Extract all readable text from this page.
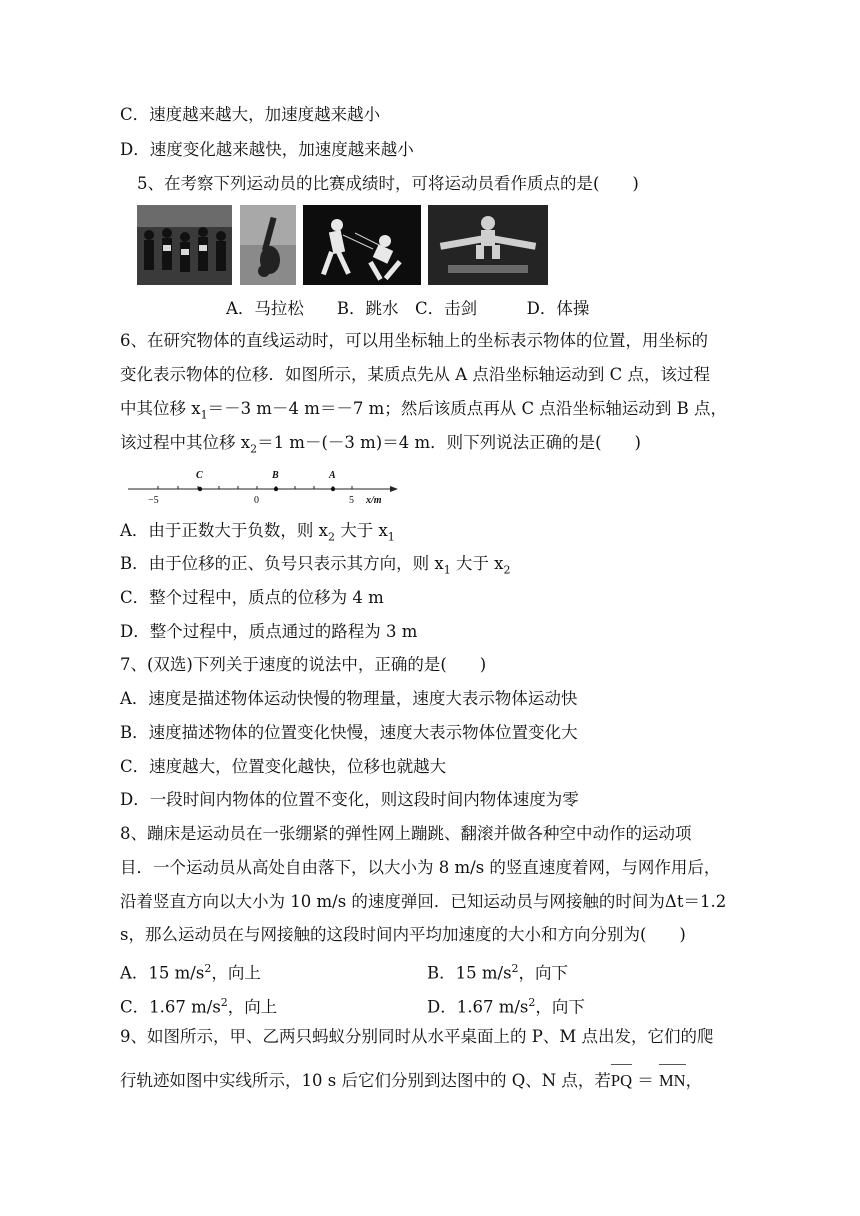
C．速度越来越大，加速度越来越小
D．速度变化越来越快，加速度越来越小
5、在考察下列运动员的比赛成绩时，可将运动员看作质点的是(　　)
A．马拉松　　B．跳水　C．击剑　　　D．体操
6、在研究物体的直线运动时，可以用坐标轴上的坐标表示物体的位置，用坐标的
变化表示物体的位移．如图所示，某质点先从 A 点沿坐标轴运动到 C 点，该过程
中其位移 $x_1=-3$ m－4 m＝－7 m；然后该质点再从 C 点沿坐标轴运动到 B 点，
该过程中其位移 $x_2=1$ m－(－3 m)＝4 m．则下列说法正确的是(　　)
C	B	A
−5	0	5 x/m
A．由于正数大于负数，则 $x_2$ 大于 $x_1$
B．由于位移的正、负号只表示其方向，则 $x_1$ 大于 $x_2$
C．整个过程中，质点的位移为 4 m
D．整个过程中，质点通过的路程为 3 m
7、(双选)下列关于速度的说法中，正确的是(　　)
A．速度是描述物体运动快慢的物理量，速度大表示物体运动快
B．速度描述物体的位置变化快慢，速度大表示物体位置变化大
C．速度越大，位置变化越快，位移也就越大
D．一段时间内物体的位置不变化，则这段时间内物体速度为零
8、蹦床是运动员在一张绷紧的弹性网上蹦跳、翻滚并做各种空中动作的运动项
目．一个运动员从高处自由落下，以大小为 8 m/s 的竖直速度着网，与网作用后，
沿着竖直方向以大小为 10 m/s 的速度弹回．已知运动员与网接触的时间为Δt＝1.2
s，那么运动员在与网接触的这段时间内平均加速度的大小和方向分别为(　　)
A．15 $m/s^2$，向上	B．15 $m/s^2$，向下
C．1.67 $m/s^2$，向上	D．1.67 $m/s^2$，向下
9、如图所示，甲、乙两只蚂蚁分别同时从水平桌面上的 P、M 点出发，它们的爬
行轨迹如图中实线所示，10 s 后它们分别到达图中的 Q、N 点，若PQ ＝ MN，
